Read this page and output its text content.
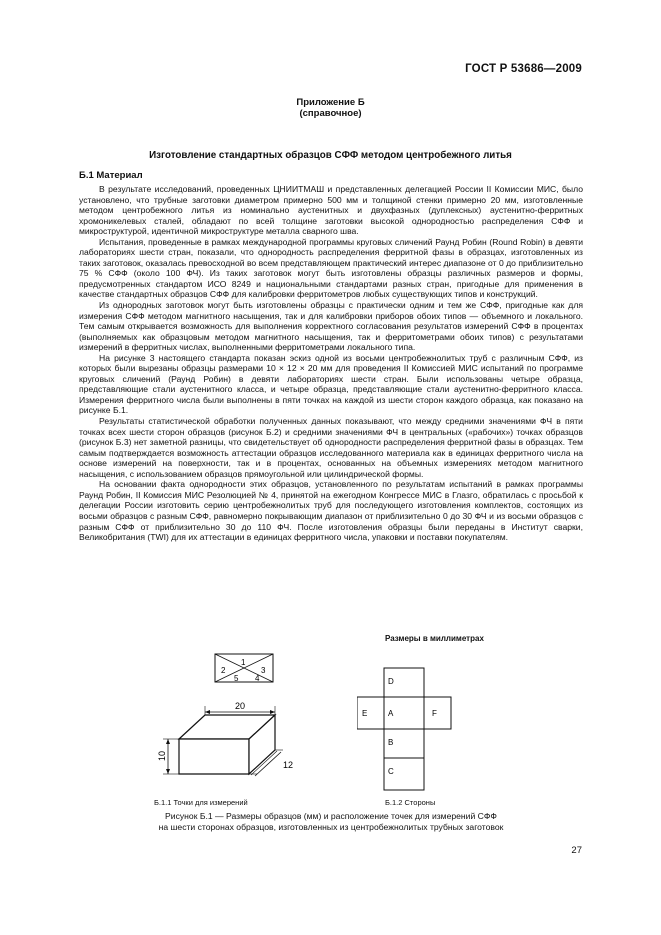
ГОСТ Р 53686—2009
Приложение Б
(справочное)
Изготовление стандартных образцов СФФ методом центробежного литья
Б.1 Материал

В результате исследований, проведенных ЦНИИТМАШ и представленных делегацией России II Комиссии МИС, было установлено, что трубные заготовки диаметром примерно 500 мм и толщиной стенки примерно 20 мм, изготовленные методом центробежного литья из номинально аустенитных и двухфазных (дуплексных) аустенитно-ферритных хромоникелевых сталей, обладают по всей толщине заготовки высокой однородностью распределения СФФ и микроструктурой, идентичной микроструктуре металла сварного шва.

Испытания, проведенные в рамках международной программы круговых сличений Раунд Робин (Round Robin) в девяти лабораториях шести стран, показали, что однородность распределения ферритной фазы в образцах, изготовленных из таких заготовок, оказалась превосходной во всем представляющем практический интерес диапазоне от 0 до приблизительно 75 % СФФ (около 100 ФЧ). Из таких заготовок могут быть изготовлены образцы различных размеров и формы, предусмотренных стандартом ИСО 8249 и национальными стандартами разных стран, пригодные для применения в качестве стандартных образцов СФФ для калибровки ферритометров любых существующих типов и конструкций.

Из однородных заготовок могут быть изготовлены образцы с практически одним и тем же СФФ, пригодные как для измерения СФФ методом магнитного насыщения, так и для калибровки приборов обоих типов — объемного и локального. Тем самым открывается возможность для выполнения корректного согласования результатов измерений СФФ в процентах (выполняемых как образцовым методом магнитного насыщения, так и ферритометрами обоих типов) с результатами измерений в ферритных числах, выполненными ферритометрами локального типа.

На рисунке 3 настоящего стандарта показан эскиз одной из восьми центробежнолитых труб с различным СФФ, из которых были вырезаны образцы размерами 10 × 12 × 20 мм для проведения II Комиссией МИС испытаний по программе круговых сличений (Раунд Робин) в девяти лабораториях шести стран. Были использованы четыре образца, представляющие стали аустенитного класса, и четыре образца, представляющие стали аустенитно-ферритного класса. Измерения ферритного числа были выполнены в пяти точках на каждой из шести сторон каждого образца, как показано на рисунке Б.1.

Результаты статистической обработки полученных данных показывают, что между средними значениями ФЧ в пяти точках всех шести сторон образцов (рисунок Б.2) и средними значениями ФЧ в центральных («рабочих») точках образцов (рисунок Б.3) нет заметной разницы, что свидетельствует об однородности распределения ферритной фазы в образцах. Тем самым подтверждается возможность аттестации образцов исследованного материала как в единицах ферритного числа на основе измерений на поверхности, так и в процентах, основанных на объемных измерениях методом магнитного насыщения, с использованием образцов прямоугольной или цилиндрической формы.

На основании факта однородности этих образцов, установленного по результатам испытаний в рамках программы Раунд Робин, II Комиссия МИС Резолюцией № 4, принятой на ежегодном Конгрессе МИС в Глазго, обратилась с просьбой к делегации России изготовить серию центробежнолитых труб для последующего изготовления комплектов, состоящих из восьми образцов с разным СФФ, равномерно покрывающим диапазон от приблизительно 0 до 30 ФЧ и из восьми образцов с разным СФФ от приблизительно 30 до 110 ФЧ. После изготовления образцы были переданы в Институт сварки, Великобритания (TWI) для их аттестации в единицах ферритного числа, упаковки и поставки покупателям.

Размеры в миллиметрах
1
2	3
4
5
20
10
12
D
E	A	F
B
C
Б.1.1 Точки для измерений	Б.1.2 Стороны
Рисунок Б.1 — Размеры образцов (мм) и расположение точек для измерений СФФ
на шести сторонах образцов, изготовленных из центробежнолитых трубных заготовок
27
